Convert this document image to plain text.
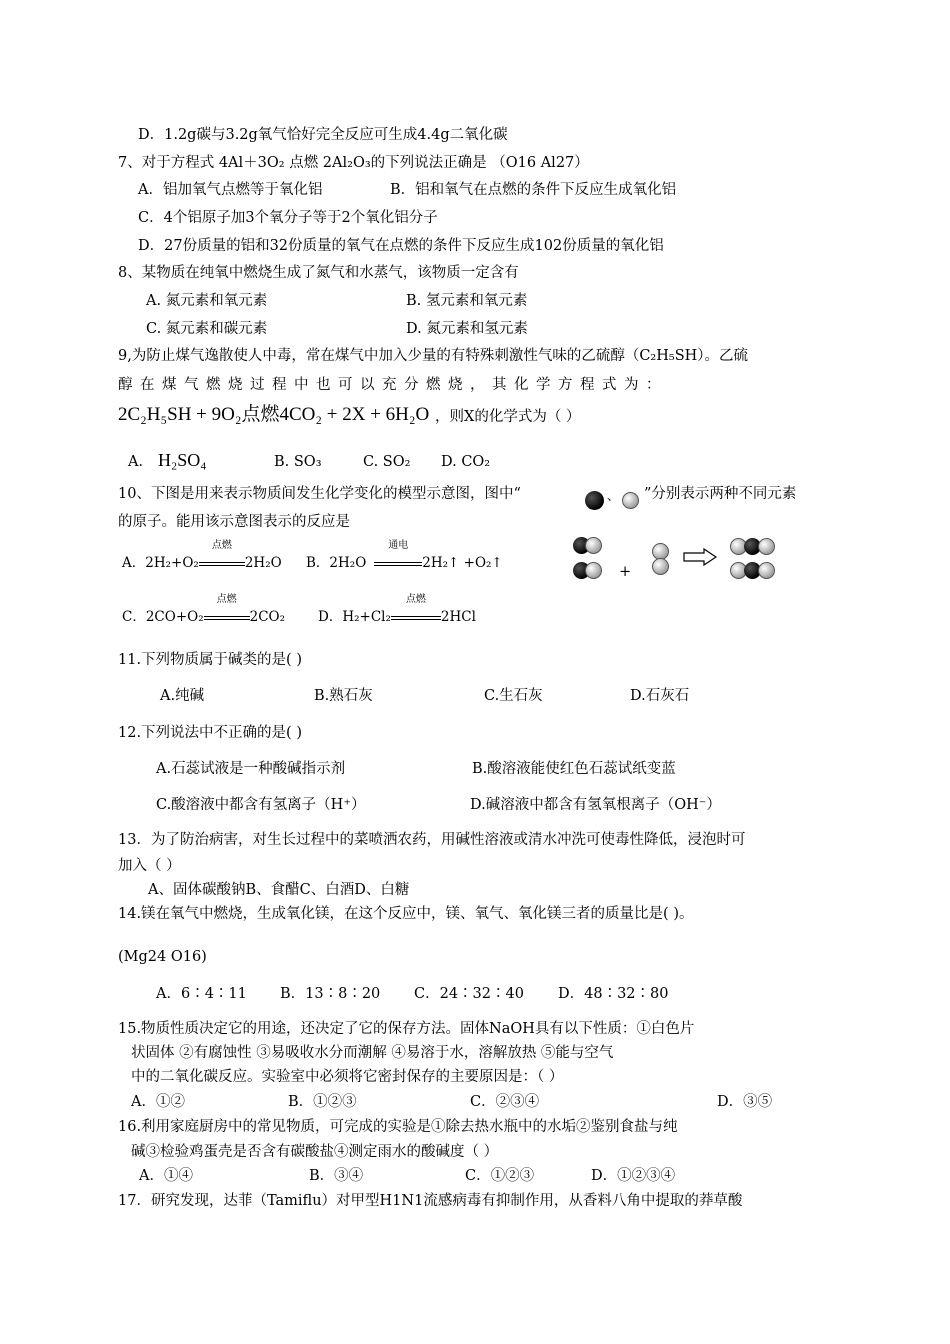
D．1.2g碳与3.2g氧气恰好完全反应可生成4.4g二氧化碳
7、对于方程式 4Al＋3O₂ 点燃 2Al₂O₃的下列说法正确是 （O16 Al27）
A．铝加氧气点燃等于氧化铝	B．铝和氧气在点燃的条件下反应生成氧化铝
C．4个铝原子加3个氧分子等于2个氧化铝分子
D．27份质量的铝和32份质量的氧气在点燃的条件下反应生成102份质量的氧化铝
8、某物质在纯氧中燃烧生成了氮气和水蒸气，该物质一定含有
A. 氮元素和氧元素	B. 氢元素和氧元素
C. 氮元素和碳元素	D. 氮元素和氢元素
9,为防止煤气逸散使人中毒，常在煤气中加入少量的有特殊刺激性气味的乙硫醇（C₂H₅SH）。乙硫
醇在煤气燃烧过程中也可以充分燃烧，其化学方程式为：
2C₂H₅SH + 9O₂点燃4CO₂ + 2X + 6H₂O ，则X的化学式为（ ）
A． H₂SO₄	B. SO₃	C. SO₂ D. CO₂
10、下图是用来表示物质间发生化学变化的模型示意图，图中“	、 ”分别表示两种不同元素
的原子。能用该示意图表示的反应是
+
A．2H₂+O₂
点燃
2H₂O B．2H₂O
通电
2H₂↑ +O₂↑
C．2CO+O₂
点燃
2CO₂ D．H₂+Cl₂
点燃
2HCl
11.下列物质属于碱类的是( )
A.纯碱	B.熟石灰	C.生石灰	D.石灰石
12.下列说法中不正确的是( )
A.石蕊试液是一种酸碱指示剂	B.酸溶液能使红色石蕊试纸变蓝
C.酸溶液中都含有氢离子（H⁺）	D.碱溶液中都含有氢氧根离子（OH⁻）
13．为了防治病害，对生长过程中的菜喷洒农药，用碱性溶液或清水冲洗可使毒性降低，浸泡时可
加入（ ）
A、固体碳酸钠B、食醋C、白酒D、白糖
14.镁在氧气中燃烧，生成氧化镁，在这个反应中，镁、氧气、氧化镁三者的质量比是( )。
(Mg24 O16)
A．6∶4∶11 B．13∶8∶20 C．24∶32∶40 D．48∶32∶80
15.物质性质决定它的用途，还决定了它的保存方法。固体NaOH具有以下性质：①白色片
状固体 ②有腐蚀性 ③易吸收水分而潮解 ④易溶于水，溶解放热 ⑤能与空气
中的二氧化碳反应。实验室中必须将它密封保存的主要原因是：（ ）
A．①②	B．①②③	C．②③④	D．③⑤
16.利用家庭厨房中的常见物质，可完成的实验是①除去热水瓶中的水垢②鉴别食盐与纯
碱③检验鸡蛋壳是否含有碳酸盐④测定雨水的酸碱度（ ）
A．①④	B．③④	C．①②③	D．①②③④
17．研究发现，达菲（Tamiflu）对甲型H1N1流感病毒有抑制作用，从香料八角中提取的莽草酸
